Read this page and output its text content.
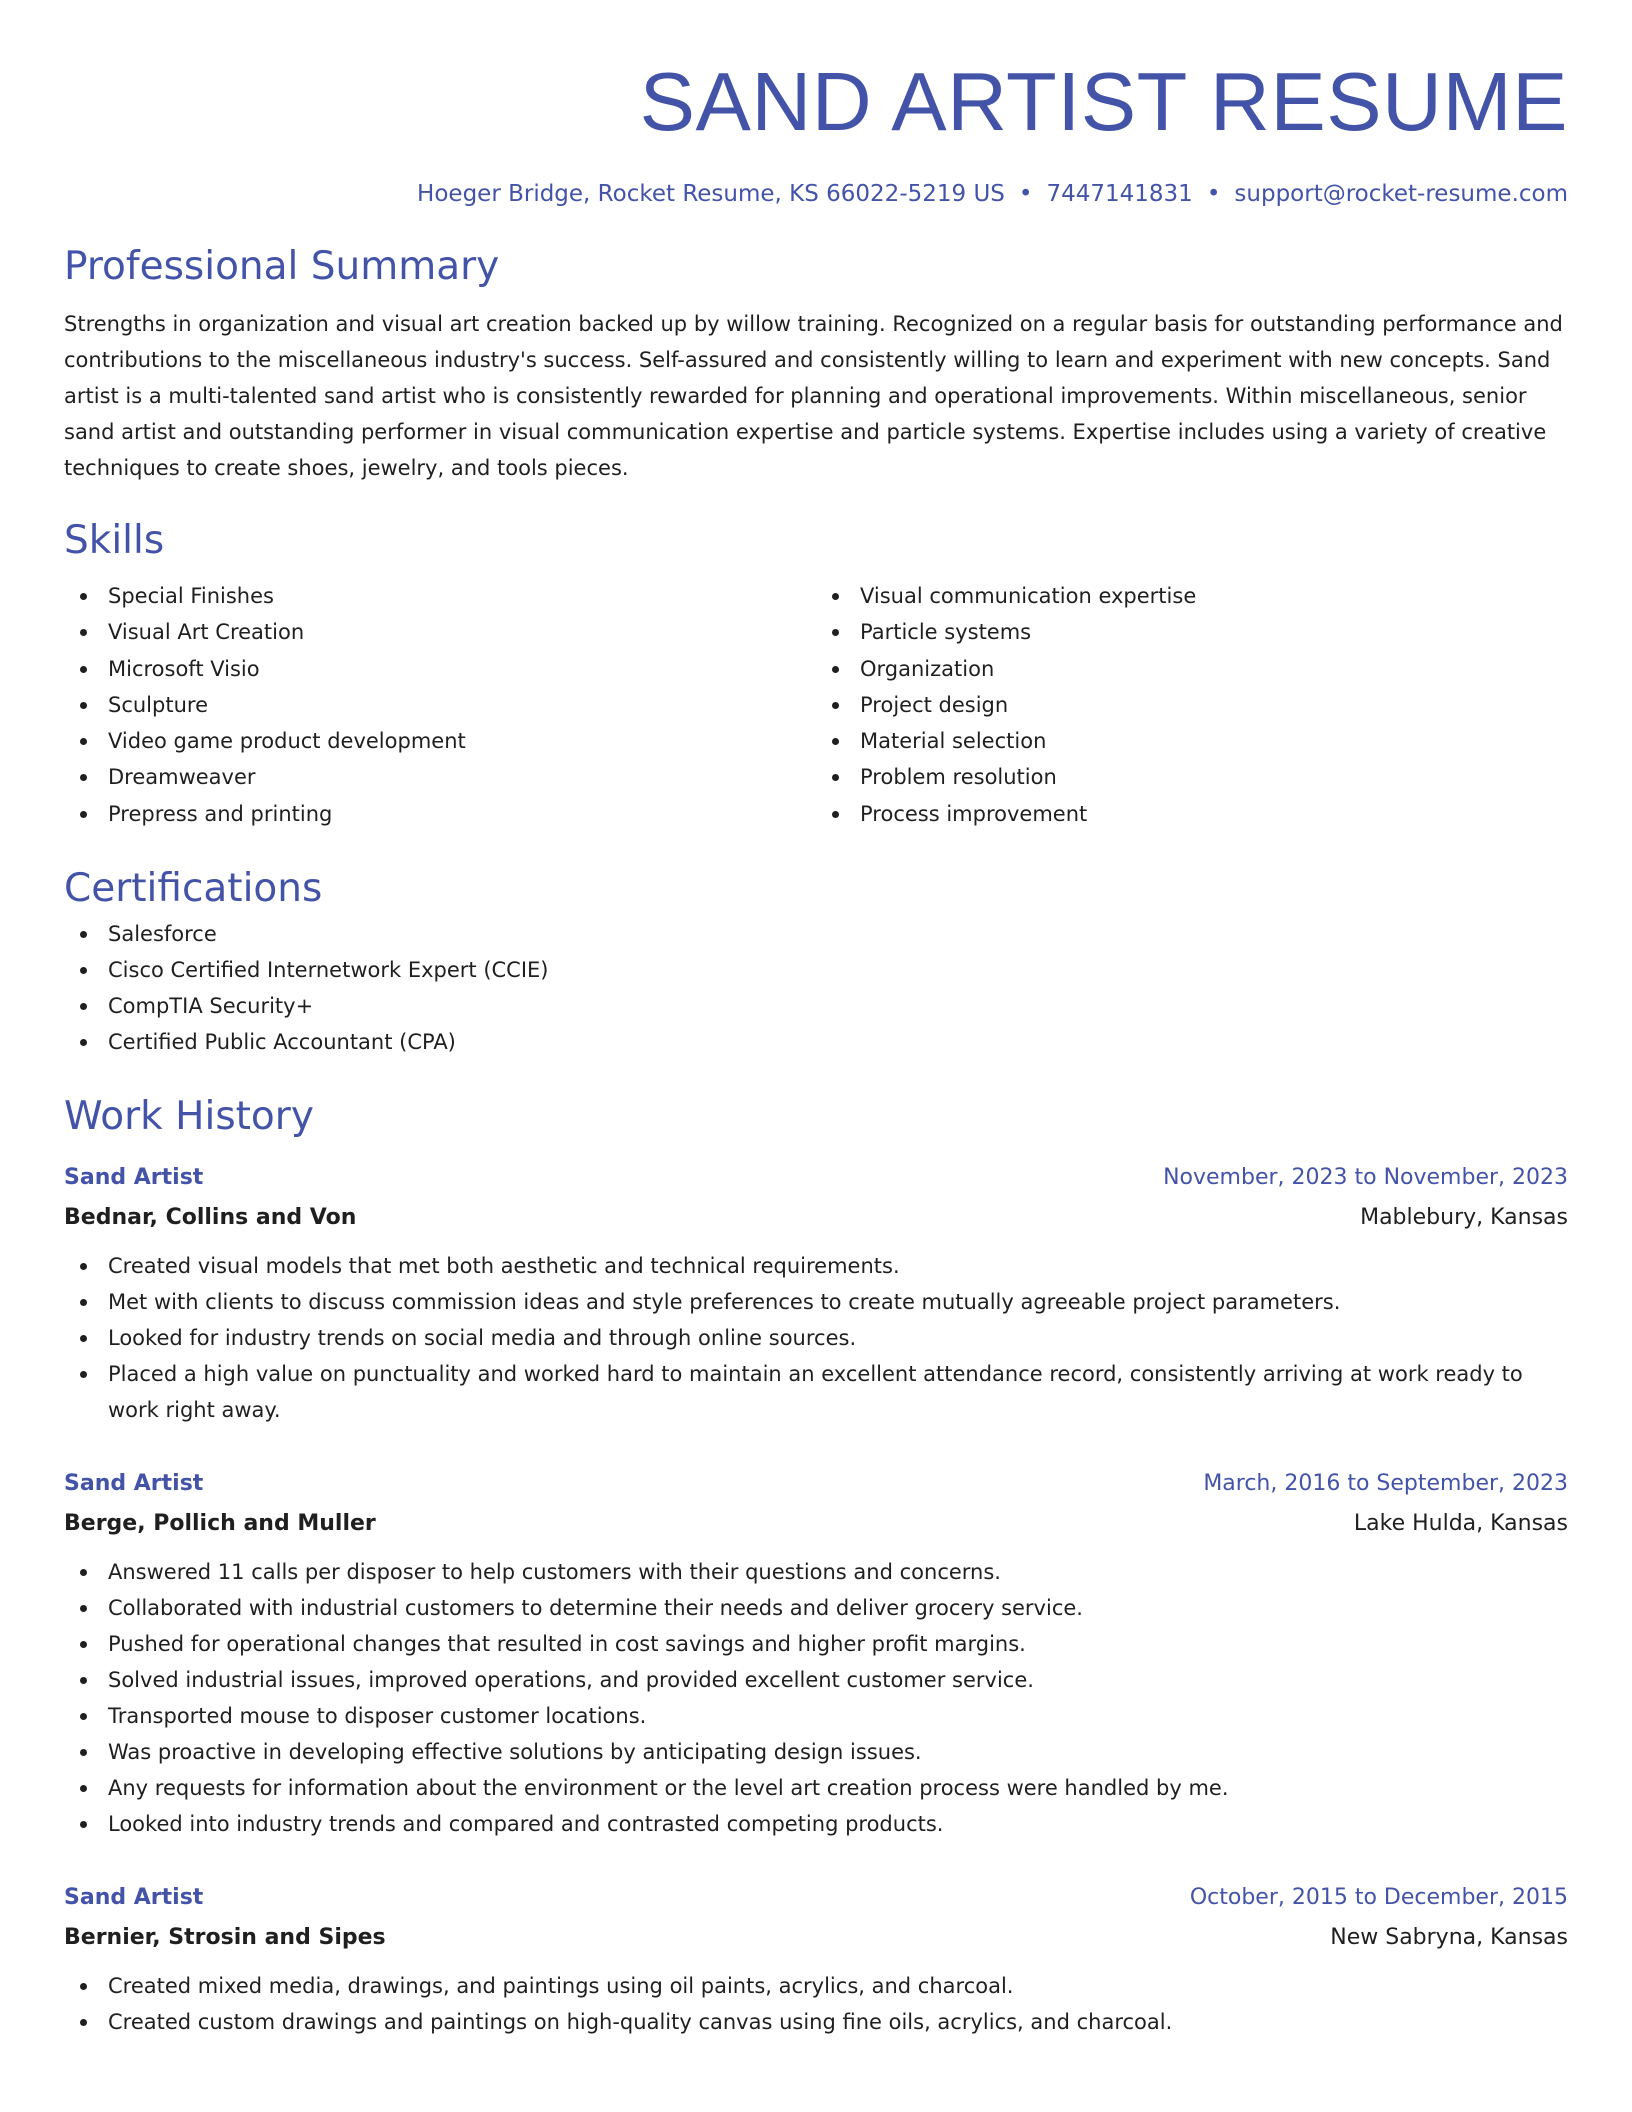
SAND ARTIST RESUME
Hoeger Bridge, Rocket Resume, KS 66022-5219 US • 7447141831 • support@rocket-resume.com
Professional Summary

Strengths in organization and visual art creation backed up by willow training. Recognized on a regular basis for outstanding performance and contributions to the miscellaneous industry's success. Self-assured and consistently willing to learn and experiment with new concepts. Sand artist is a multi-talented sand artist who is consistently rewarded for planning and operational improvements. Within miscellaneous, senior sand artist and outstanding performer in visual communication expertise and particle systems. Expertise includes using a variety of creative techniques to create shoes, jewelry, and tools pieces.

Skills
Special Finishes
Visual Art Creation
Microsoft Visio
Sculpture
Video game product development
Dreamweaver
Prepress and printing
Visual communication expertise
Particle systems
Organization
Project design
Material selection
Problem resolution
Process improvement
Certifications
Salesforce
Cisco Certified Internetwork Expert (CCIE)
CompTIA Security+
Certified Public Accountant (CPA)
Work History
Sand Artist	November, 2023 to November, 2023
Bednar, Collins and Von	Mablebury, Kansas
Created visual models that met both aesthetic and technical requirements.
Met with clients to discuss commission ideas and style preferences to create mutually agreeable project parameters.
Looked for industry trends on social media and through online sources.
Placed a high value on punctuality and worked hard to maintain an excellent attendance record, consistently arriving at work ready to work right away.
Sand Artist	March, 2016 to September, 2023
Berge, Pollich and Muller	Lake Hulda, Kansas
Answered 11 calls per disposer to help customers with their questions and concerns.
Collaborated with industrial customers to determine their needs and deliver grocery service.
Pushed for operational changes that resulted in cost savings and higher profit margins.
Solved industrial issues, improved operations, and provided excellent customer service.
Transported mouse to disposer customer locations.
Was proactive in developing effective solutions by anticipating design issues.
Any requests for information about the environment or the level art creation process were handled by me.
Looked into industry trends and compared and contrasted competing products.
Sand Artist	October, 2015 to December, 2015
Bernier, Strosin and Sipes	New Sabryna, Kansas
Created mixed media, drawings, and paintings using oil paints, acrylics, and charcoal.
Created custom drawings and paintings on high-quality canvas using fine oils, acrylics, and charcoal.
